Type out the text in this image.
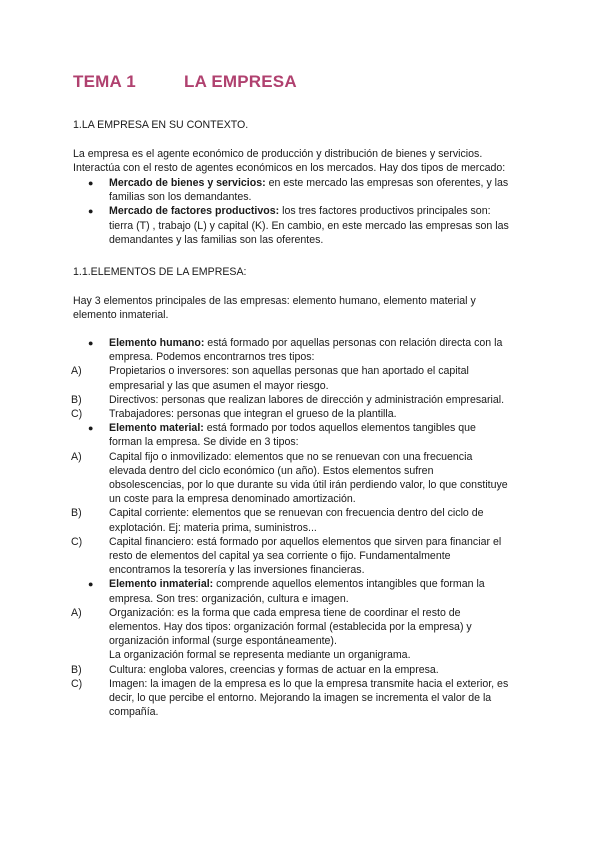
TEMA 1	LA EMPRESA
1.LA EMPRESA EN SU CONTEXTO.
La empresa es el agente económico de producción y distribución de bienes y servicios.
Interactúa con el resto de agentes económicos en los mercados. Hay dos tipos de mercado:
● Mercado de bienes y servicios: en este mercado las empresas son oferentes, y las
familias son los demandantes.
● Mercado de factores productivos: los tres factores productivos principales son:
tierra (T) , trabajo (L) y capital (K). En cambio, en este mercado las empresas son las
demandantes y las familias son las oferentes.
1.1.ELEMENTOS DE LA EMPRESA:
Hay 3 elementos principales de las empresas: elemento humano, elemento material y
elemento inmaterial.
● Elemento humano: está formado por aquellas personas con relación directa con la
empresa. Podemos encontrarnos tres tipos:
A)	Propietarios o inversores: son aquellas personas que han aportado el capital
empresarial y las que asumen el mayor riesgo.
B)	Directivos: personas que realizan labores de dirección y administración empresarial.
C)	Trabajadores: personas que integran el grueso de la plantilla.
● Elemento material: está formado por todos aquellos elementos tangibles que
forman la empresa. Se divide en 3 tipos:
A)	Capital fijo o inmovilizado: elementos que no se renuevan con una frecuencia
elevada dentro del ciclo económico (un año). Estos elementos sufren
obsolescencias, por lo que durante su vida útil irán perdiendo valor, lo que constituye
un coste para la empresa denominado amortización.
B)	Capital corriente: elementos que se renuevan con frecuencia dentro del ciclo de
explotación. Ej: materia prima, suministros...
C)	Capital financiero: está formado por aquellos elementos que sirven para financiar el
resto de elementos del capital ya sea corriente o fijo. Fundamentalmente
encontramos la tesorería y las inversiones financieras.
● Elemento inmaterial: comprende aquellos elementos intangibles que forman la
empresa. Son tres: organización, cultura e imagen.
A)	Organización: es la forma que cada empresa tiene de coordinar el resto de
elementos. Hay dos tipos: organización formal (establecida por la empresa) y
organización informal (surge espontáneamente).
La organización formal se representa mediante un organigrama.
B)	Cultura: engloba valores, creencias y formas de actuar en la empresa.
C)	Imagen: la imagen de la empresa es lo que la empresa transmite hacia el exterior, es
decir, lo que percibe el entorno. Mejorando la imagen se incrementa el valor de la
compañía.
